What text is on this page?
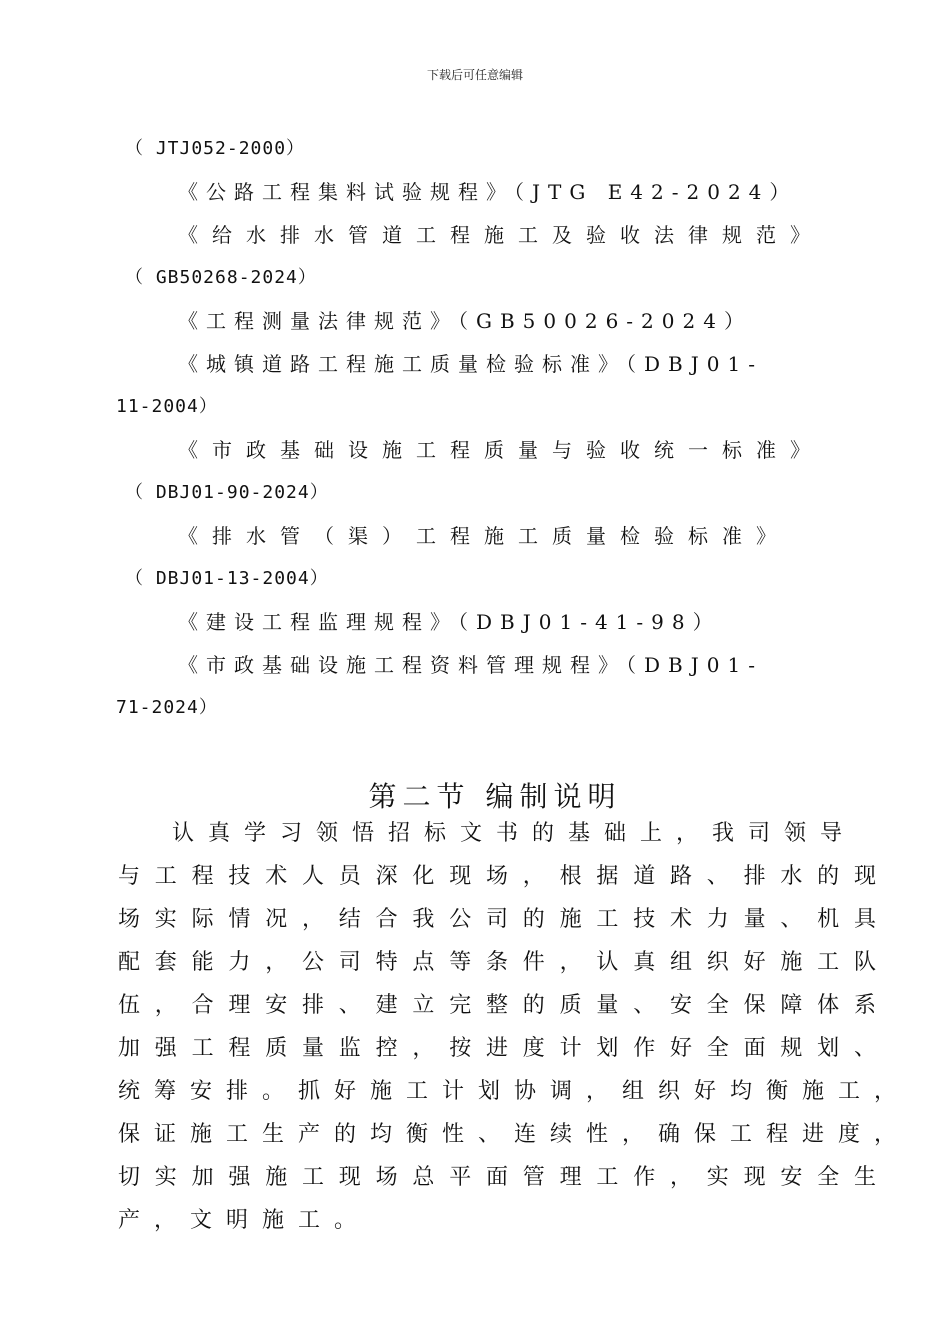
下载后可任意编辑
（ JTJ052-2000）
《公路工程集料试验规程》（JTG E42-2024）
《给水排水管道工程施工及验收法律规范》
（ GB50268-2024）
《工程测量法律规范》（GB50026-2024）
《城镇道路工程施工质量检验标准》（DBJ01-
11-2004）
《市政基础设施工程质量与验收统一标准》
（ DBJ01-90-2024）
《排水管（渠）工程施工质量检验标准》
（ DBJ01-13-2004）
《建设工程监理规程》（DBJ01-41-98）
《市政基础设施工程资料管理规程》（DBJ01-
71-2024）
第二节 编制说明
认真学习领悟招标文书的基础上，我司领导
与工程技术人员深化现场，根据道路、排水的现
场实际情况，结合我公司的施工技术力量、机具
配套能力，公司特点等条件，认真组织好施工队
伍，合理安排、建立完整的质量、安全保障体系
加强工程质量监控，按进度计划作好全面规划、
统筹安排。抓好施工计划协调，组织好均衡施工，
保证施工生产的均衡性、连续性，确保工程进度，
切实加强施工现场总平面管理工作，实现安全生
产，文明施工。
